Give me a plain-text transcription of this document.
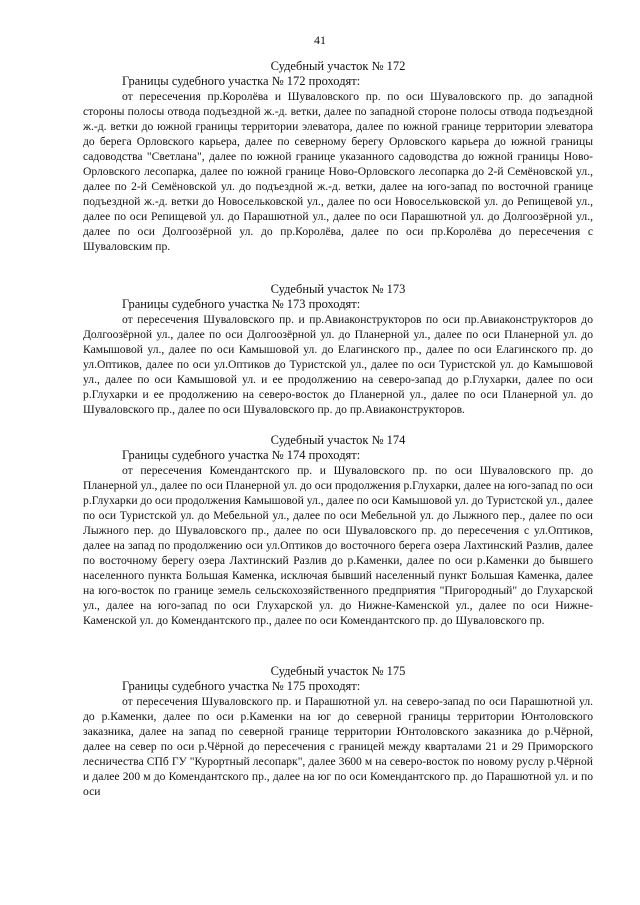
41
Судебный участок № 172
Границы судебного участка № 172 проходят:

от пересечения пр.Королёва и Шуваловского пр. по оси Шуваловского пр. до западной стороны полосы отвода подъездной ж.-д. ветки, далее по западной стороне полосы отвода подъездной ж.-д. ветки до южной границы территории элеватора, далее по южной границе территории элеватора до берега Орловского карьера, далее по северному берегу Орловского карьера до южной границы садоводства "Светлана", далее по южной границе указанного садоводства до южной границы Ново-Орловского лесопарка, далее по южной границе Ново-Орловского лесопарка до 2-й Семёновской ул., далее по 2-й Семёновской ул. до подъездной ж.-д. ветки, далее на юго-запад по восточной границе подъездной ж.-д. ветки до Новосельковской ул., далее по оси Новосельковской ул. до Репищевой ул., далее по оси Репищевой ул. до Парашютной ул., далее по оси Парашютной ул. до Долгоозёрной ул., далее по оси Долгоозёрной ул. до пр.Королёва, далее по оси пр.Королёва до пересечения с Шуваловским пр.

Судебный участок № 173
Границы судебного участка № 173 проходят:

от пересечения Шуваловского пр. и пр.Авиаконструкторов по оси пр.Авиаконструкторов до Долгоозёрной ул., далее по оси Долгоозёрной ул. до Планерной ул., далее по оси Планерной ул. до Камышовой ул., далее по оси Камышовой ул. до Елагинского пр., далее по оси Елагинского пр. до ул.Оптиков, далее по оси ул.Оптиков до Туристской ул., далее по оси Туристской ул. до Камышовой ул., далее по оси Камышовой ул. и ее продолжению на северо-запад до р.Глухарки, далее по оси р.Глухарки и ее продолжению на северо-восток до Планерной ул., далее по оси Планерной ул. до Шуваловского пр., далее по оси Шуваловского пр. до пр.Авиаконструкторов.

Судебный участок № 174
Границы судебного участка № 174 проходят:

от пересечения Комендантского пр. и Шуваловского пр. по оси Шуваловского пр. до Планерной ул., далее по оси Планерной ул. до оси продолжения р.Глухарки, далее на юго-запад по оси р.Глухарки до оси продолжения Камышовой ул., далее по оси Камышовой ул. до Туристской ул., далее по оси Туристской ул. до Мебельной ул., далее по оси Мебельной ул. до Лыжного пер., далее по оси Лыжного пер. до Шуваловского пр., далее по оси Шуваловского пр. до пересечения с ул.Оптиков, далее на запад по продолжению оси ул.Оптиков до восточного берега озера Лахтинский Разлив, далее по восточному берегу озера Лахтинский Разлив до р.Каменки, далее по оси р.Каменки до бывшего населенного пункта Большая Каменка, исключая бывший населенный пункт Большая Каменка, далее на юго-восток по границе земель сельскохозяйственного предприятия "Пригородный" до Глухарской ул., далее на юго-запад по оси Глухарской ул. до Нижне-Каменской ул., далее по оси Нижне-Каменской ул. до Комендантского пр., далее по оси Комендантского пр. до Шуваловского пр.

Судебный участок № 175
Границы судебного участка № 175 проходят:

от пересечения Шуваловского пр. и Парашютной ул. на северо-запад по оси Парашютной ул. до р.Каменки, далее по оси р.Каменки на юг до северной границы территории Юнтоловского заказника, далее на запад по северной границе территории Юнтоловского заказника до р.Чёрной, далее на север по оси р.Чёрной до пересечения с границей между кварталами 21 и 29 Приморского лесничества СПб ГУ "Курортный лесопарк", далее 3600 м на северо-восток по новому руслу р.Чёрной и далее 200 м до Комендантского пр., далее на юг по оси Комендантского пр. до Парашютной ул. и по оси
